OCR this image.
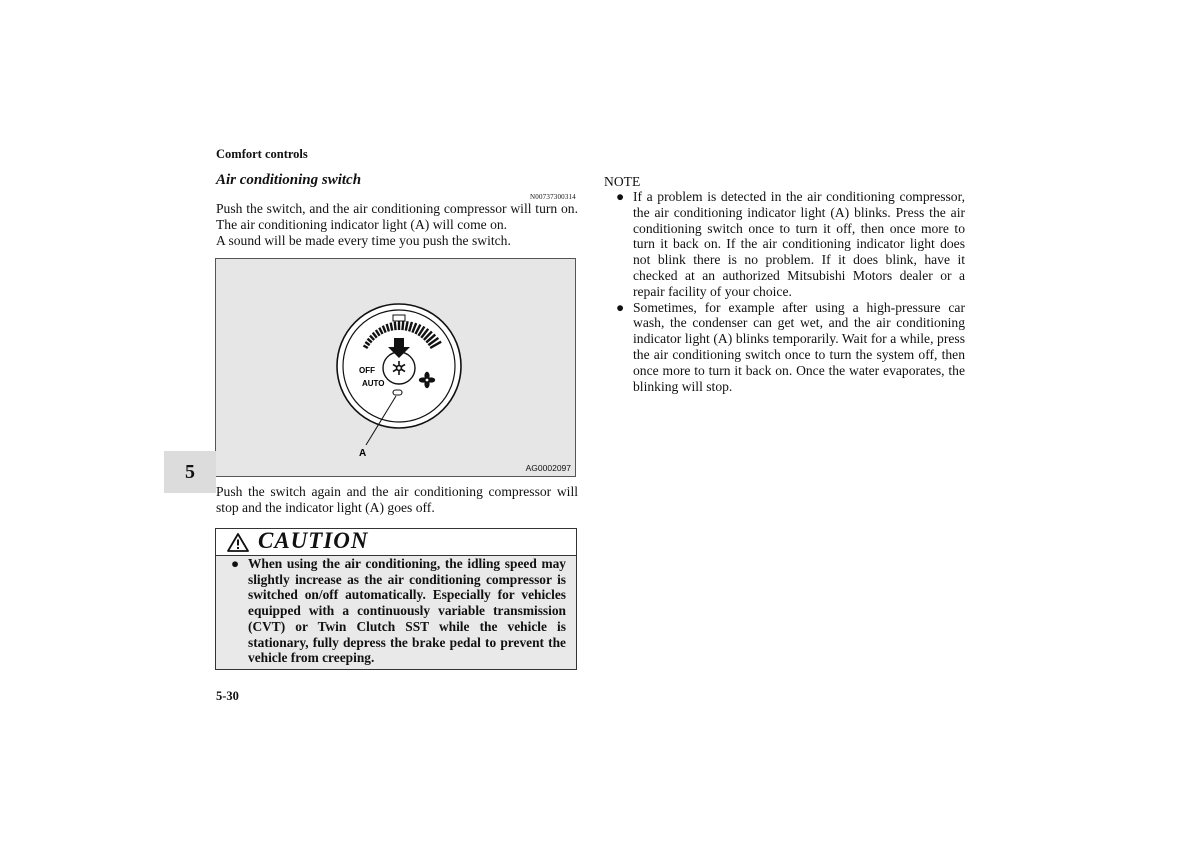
Comfort controls
Air conditioning switch
N00737300314

Push the switch, and the air conditioning compressor will turn on. The air conditioning indicator light (A) will come on.

A sound will be made every time you push the switch.

OFF
AUTO
A
AG0002097
5

Push the switch again and the air conditioning compressor will stop and the indicator light (A) goes off.

CAUTION
● When using the air conditioning, the idling speed may slightly increase as the air conditioning compressor is switched on/off automatically. Especially for vehicles equipped with a continuously variable transmission (CVT) or Twin Clutch SST while the vehicle is stationary, fully depress the brake pedal to prevent the vehicle from creeping.
5-30
NOTE
● If a problem is detected in the air conditioning compressor, the air conditioning indicator light (A) blinks. Press the air conditioning switch once to turn it off, then once more to turn it back on. If the air conditioning indicator light does not blink there is no problem. If it does blink, have it checked at an authorized Mitsubishi Motors dealer or a repair facility of your choice.
● Sometimes, for example after using a high-pressure car wash, the condenser can get wet, and the air conditioning indicator light (A) blinks temporarily. Wait for a while, press the air conditioning switch once to turn the system off, then once more to turn it back on. Once the water evaporates, the blinking will stop.
